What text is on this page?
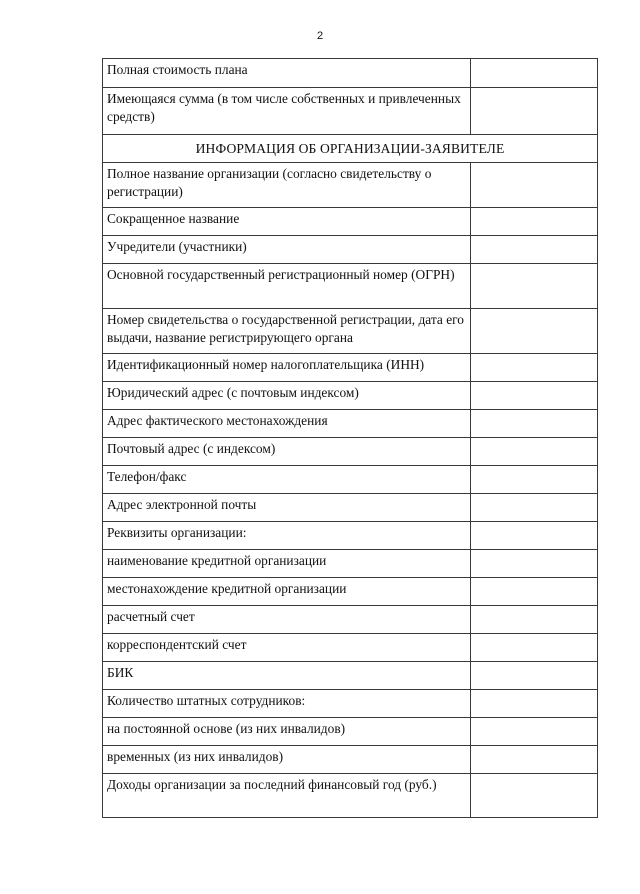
2
Полная стоимость плана	
Имеющаяся сумма (в том числе собственных и привлеченных средств)	
ИНФОРМАЦИЯ ОБ ОРГАНИЗАЦИИ-ЗАЯВИТЕЛЕ	
Полное название организации (согласно свидетельству о регистрации)	
Сокращенное название	
Учредители (участники)	
Основной государственный регистрационный номер (ОГРН)	
Номер свидетельства о государственной регистрации, дата его выдачи, название регистрирующего органа	
Идентификационный номер налогоплательщика (ИНН)	
Юридический адрес (с почтовым индексом)	
Адрес фактического местонахождения	
Почтовый адрес (с индексом)	
Телефон/факс	
Адрес электронной почты	
Реквизиты организации:	
наименование кредитной организации	
местонахождение кредитной организации	
расчетный счет	
корреспондентский счет	
БИК	
Количество штатных сотрудников:	
на постоянной основе (из них инвалидов)	
временных (из них инвалидов)	
Доходы организации за последний финансовый год (руб.)	
